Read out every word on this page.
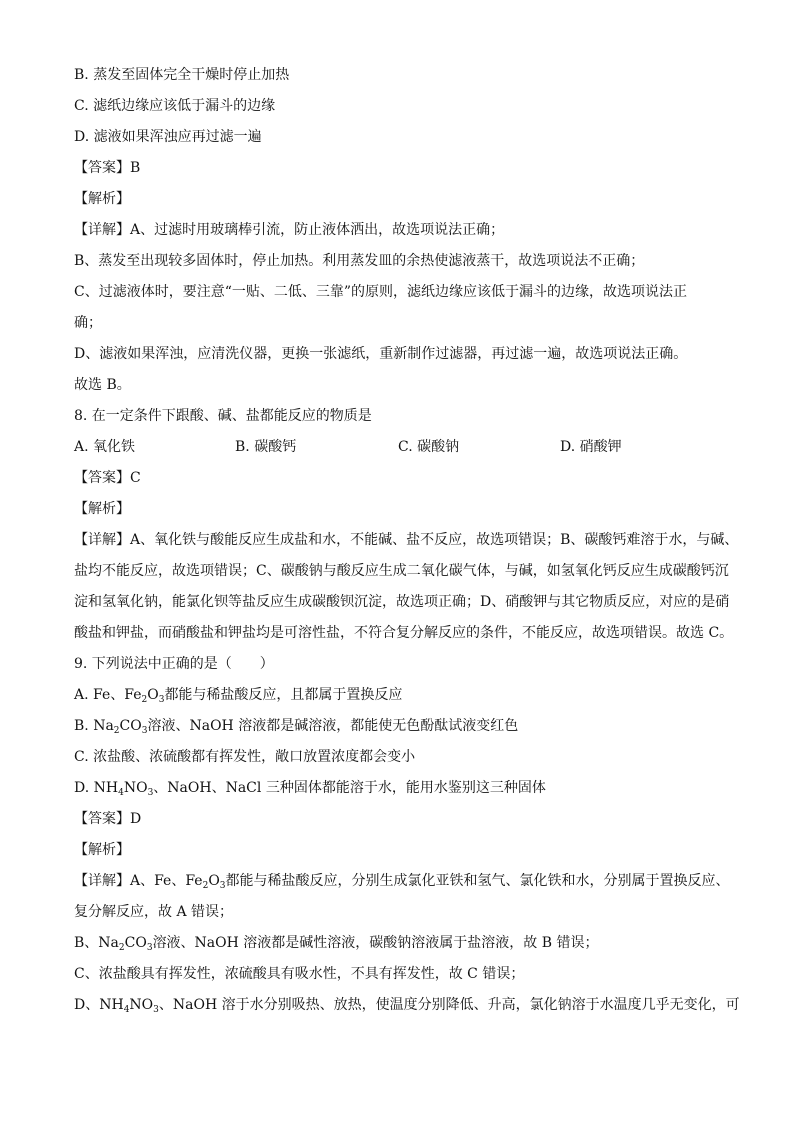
B. 蒸发至固体完全干燥时停止加热
C. 滤纸边缘应该低于漏斗的边缘
D. 滤液如果浑浊应再过滤一遍
【答案】B
【解析】
【详解】A、过滤时用玻璃棒引流，防止液体洒出，故选项说法正确；
B、蒸发至出现较多固体时，停止加热。利用蒸发皿的余热使滤液蒸干，故选项说法不正确；
C、过滤液体时，要注意“一贴、二低、三靠”的原则，滤纸边缘应该低于漏斗的边缘，故选项说法正
确；
D、滤液如果浑浊，应清洗仪器，更换一张滤纸，重新制作过滤器，再过滤一遍，故选项说法正确。
故选 B。
8. 在一定条件下跟酸、碱、盐都能反应的物质是
A. 氧化铁	B. 碳酸钙	C. 碳酸钠	D. 硝酸钾
【答案】C
【解析】
【详解】A、氧化铁与酸能反应生成盐和水，不能碱、盐不反应，故选项错误；B、碳酸钙难溶于水，与碱、
盐均不能反应，故选项错误；C、碳酸钠与酸反应生成二氧化碳气体，与碱，如氢氧化钙反应生成碳酸钙沉
淀和氢氧化钠，能氯化钡等盐反应生成碳酸钡沉淀，故选项正确；D、硝酸钾与其它物质反应，对应的是硝
酸盐和钾盐，而硝酸盐和钾盐均是可溶性盐，不符合复分解反应的条件，不能反应，故选项错误。故选 C。
9. 下列说法中正确的是（　　）
A. Fe、$Fe_2O_3$都能与稀盐酸反应，且都属于置换反应
B. $Na_2CO_3$溶液、NaOH 溶液都是碱溶液，都能使无色酚酞试液变红色
C. 浓盐酸、浓硫酸都有挥发性，敞口放置浓度都会变小
D. $NH_4NO_3$、NaOH、NaCl 三种固体都能溶于水，能用水鉴别这三种固体
【答案】D
【解析】
【详解】A、Fe、$Fe_2O_3$都能与稀盐酸反应，分别生成氯化亚铁和氢气、氯化铁和水，分别属于置换反应、
复分解反应，故 A 错误；
B、$Na_2CO_3$溶液、NaOH 溶液都是碱性溶液，碳酸钠溶液属于盐溶液，故 B 错误；
C、浓盐酸具有挥发性，浓硫酸具有吸水性，不具有挥发性，故 C 错误；
D、$NH_4NO_3$、NaOH 溶于水分别吸热、放热，使温度分别降低、升高，氯化钠溶于水温度几乎无变化，可
